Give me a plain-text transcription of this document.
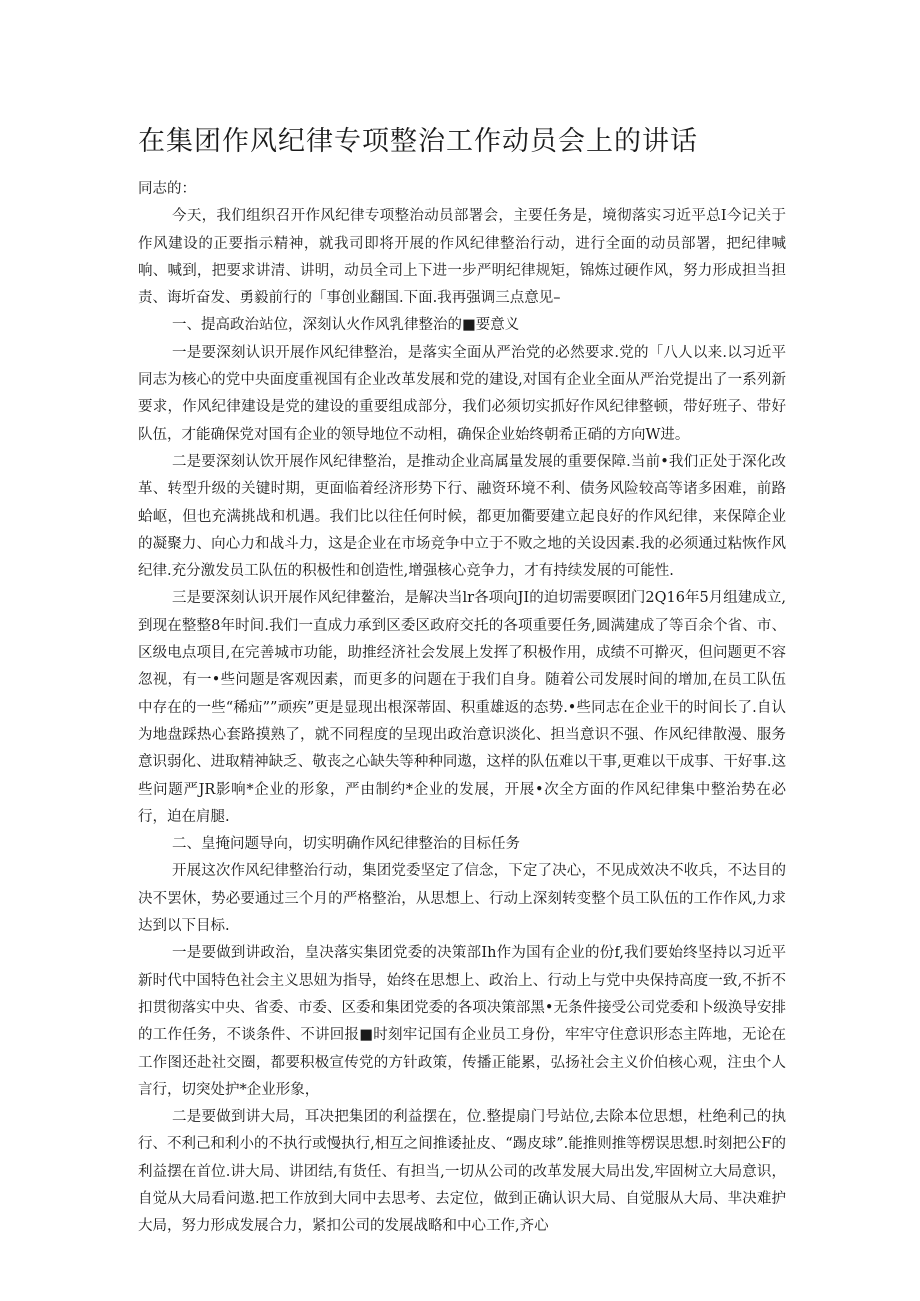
在集团作风纪律专项整治工作动员会上的讲话

同志的：

今天，我们组织召开作风纪律专项整治动员部署会，主要任务是，境彻落实习近平总I今记关于作风建设的正要指示精神，就我司即将开展的作风纪律整治行动，进行全面的动员部署，把纪律喊响、喊到，把要求讲清、讲明，动员全司上下进一步严明纪律规矩，锦炼过硬作风，努力形成担当担责、诲圻奋发、勇毅前行的「事创业翻国.下面.我再强调三点意见–

一、提高政治站位，深刻认火作风乳律整治的■要意义

一是要深刻认识开展作风纪律整治，是落实全面从严治党的必然要求.党的「八人以来.以习近平同志为核心的党中央面度重视国有企业改革发展和党的建设,对国有企业全面从严治党提出了一系列新要求，作风纪律建设是党的建设的重要组成部分，我们必须切实抓好作风纪律整顿，带好班子、带好队伍，才能确保党对国有企业的领导地位不动相，确保企业始终朝希正硝的方向W进。

二是要深刻认饮开展作风纪律整治，是推动企业高属量发展的重要保障.当前•我们正处于深化改革、转型升级的关键时期，更面临着经济形势下行、融资环境不利、债务风险较高等诸多困难，前路蛤岖，但也充满挑战和机遇。我们比以往任何时候，都更加衢要建立起良好的作风纪律，来保障企业的凝聚力、向心力和战斗力，这是企业在市场竞争中立于不败之地的关设因素.我的必须通过粘恢作风纪律.充分激发员工队伍的积极性和创造性,增强核心竞争力，才有持续发展的可能性.

三是要深刻认识开展作风纪律鳌治，是解决当lr各项向JI的迫切需要暝团门2Q16年5月组建成立,到现在整整8年时间.我们一直成力承到区委区政府交托的各项重要任务,圆满建成了等百余个省、市、区级电点项目,在完善城市功能，助推经济社会发展上发挥了积极作用，成绩不可擀灭，但问题更不容忽视，有一•些问题是客观因素，而更多的问题在于我们自身。随着公司发展时间的增加,在员工队伍中存在的一些“稀疝””顽疾”更是显现出根深蒂固、积重雄返的态势.•些同志在企业干的时间长了.自认为地盘踩热心套路摸熟了，就不同程度的呈现出政治意识淡化、担当意识不强、作风纪律散漫、服务意识弱化、进取精神缺乏、敬丧之心缺失等种种同遨，这样的队伍难以干事,更难以干成事、干好事.这些问题严JR影响*企业的形象，严由制约*企业的发展，开展•次全方面的作风纪律集中整治势在必行，迫在肩腿.

二、皇掩问题导向，切实明确作风纪律整治的目标任务

开展这次作风纪律整治行动，集团党委坚定了信念，下定了决心，不见成效决不收兵，不达目的决不罢休，势必要通过三个月的严格整治，从思想上、行动上深刻转变整个员工队伍的工作作风,力求达到以下目标.

一是要做到讲政治，皇决落实集团党委的决策部Ih作为国有企业的份f,我们要始终坚持以习近平新时代中国特色社会主义思妞为指导，始终在思想上、政治上、行动上与党中央保持高度一致,不折不扣贯彻落实中央、省委、市委、区委和集团党委的各项决策部黑•无条件接受公司党委和卜级涣导安排的工作任务，不谈条件、不讲回报■时刻牢记国有企业员工身份，牢牢守住意识形态主阵地，无论在工作图还赴社交圈，都要积极宣传党的方针政策，传播正能累，弘扬社会主义价伯核心观，注虫个人言行，切突处护*企业形象，

二是要做到讲大局，耳决把集团的利益摆在，位.整提扇门号站位,去除本位思想，杜绝利己的执行、不利己和利小的不执行或慢执行,相互之间推诿扯皮、“踢皮球”.能推则推等楞误思想.时刻把公F的利益摆在首位.讲大局、讲团结,有货任、有担当,一切从公司的改革发展大局出发,牢固树立大局意识，自觉从大局看问遨.把工作放到大同中去思考、去定位，做到正确认识大局、自觉服从大局、芈决难护大局，努力形成发展合力，紧扣公司的发展战略和中心工作,齐心
